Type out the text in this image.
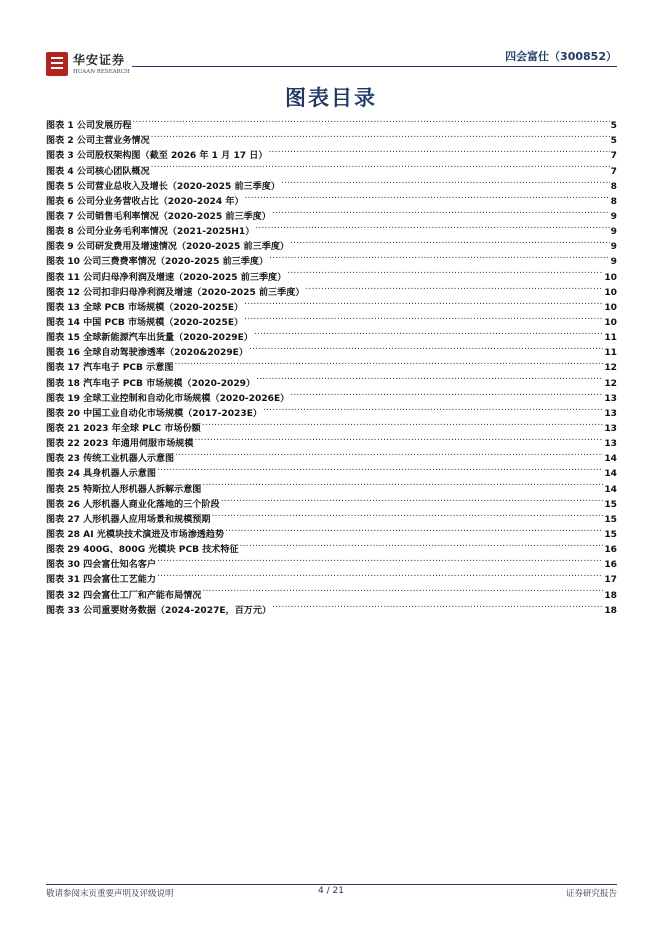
华安证券
HUAAN RESEARCH
四会富仕（300852）
图表目录
图表 1 公司发展历程 .....	5
图表 2 公司主营业务情况 .....	5
图表 3 公司股权架构图（截至 2026 年 1 月 17 日） .....	7
图表 4 公司核心团队概况 .....	7
图表 5 公司营业总收入及增长（2020-2025 前三季度） .....	8
图表 6 公司分业务营收占比（2020-2024 年） .....	8
图表 7 公司销售毛利率情况（2020-2025 前三季度） .....	9
图表 8 公司分业务毛利率情况（2021-2025H1） .....	9
图表 9 公司研发费用及增速情况（2020-2025 前三季度） .....	9
图表 10 公司三费费率情况（2020-2025 前三季度） .....	9
图表 11 公司归母净利润及增速（2020-2025 前三季度） .....	10
图表 12 公司扣非归母净利润及增速（2020-2025 前三季度） .....	10
图表 13 全球 PCB 市场规模（2020-2025E） .....	10
图表 14 中国 PCB 市场规模（2020-2025E） .....	10
图表 15 全球新能源汽车出货量（2020-2029E） .....	11
图表 16 全球自动驾驶渗透率（2020&2029E） .....	11
图表 17 汽车电子 PCB 示意图 .....	12
图表 18 汽车电子 PCB 市场规模（2020-2029） .....	12
图表 19 全球工业控制和自动化市场规模（2020-2026E） .....	13
图表 20 中国工业自动化市场规模（2017-2023E） .....	13
图表 21 2023 年全球 PLC 市场份额 .....	13
图表 22 2023 年通用伺服市场规模 .....	13
图表 23 传统工业机器人示意图 .....	14
图表 24 具身机器人示意图 .....	14
图表 25 特斯拉人形机器人拆解示意图 .....	14
图表 26 人形机器人商业化落地的三个阶段 .....	15
图表 27 人形机器人应用场景和规模预期 .....	15
图表 28 AI 光模块技术演进及市场渗透趋势 .....	15
图表 29 400G、800G 光模块 PCB 技术特征 .....	16
图表 30 四会富仕知名客户 .....	16
图表 31 四会富仕工艺能力 .....	17
图表 32 四会富仕工厂和产能布局情况 .....	18
图表 33 公司重要财务数据（2024-2027E，百万元） .....	18
敬请参阅末页重要声明及评级说明	4 / 21	证券研究报告
